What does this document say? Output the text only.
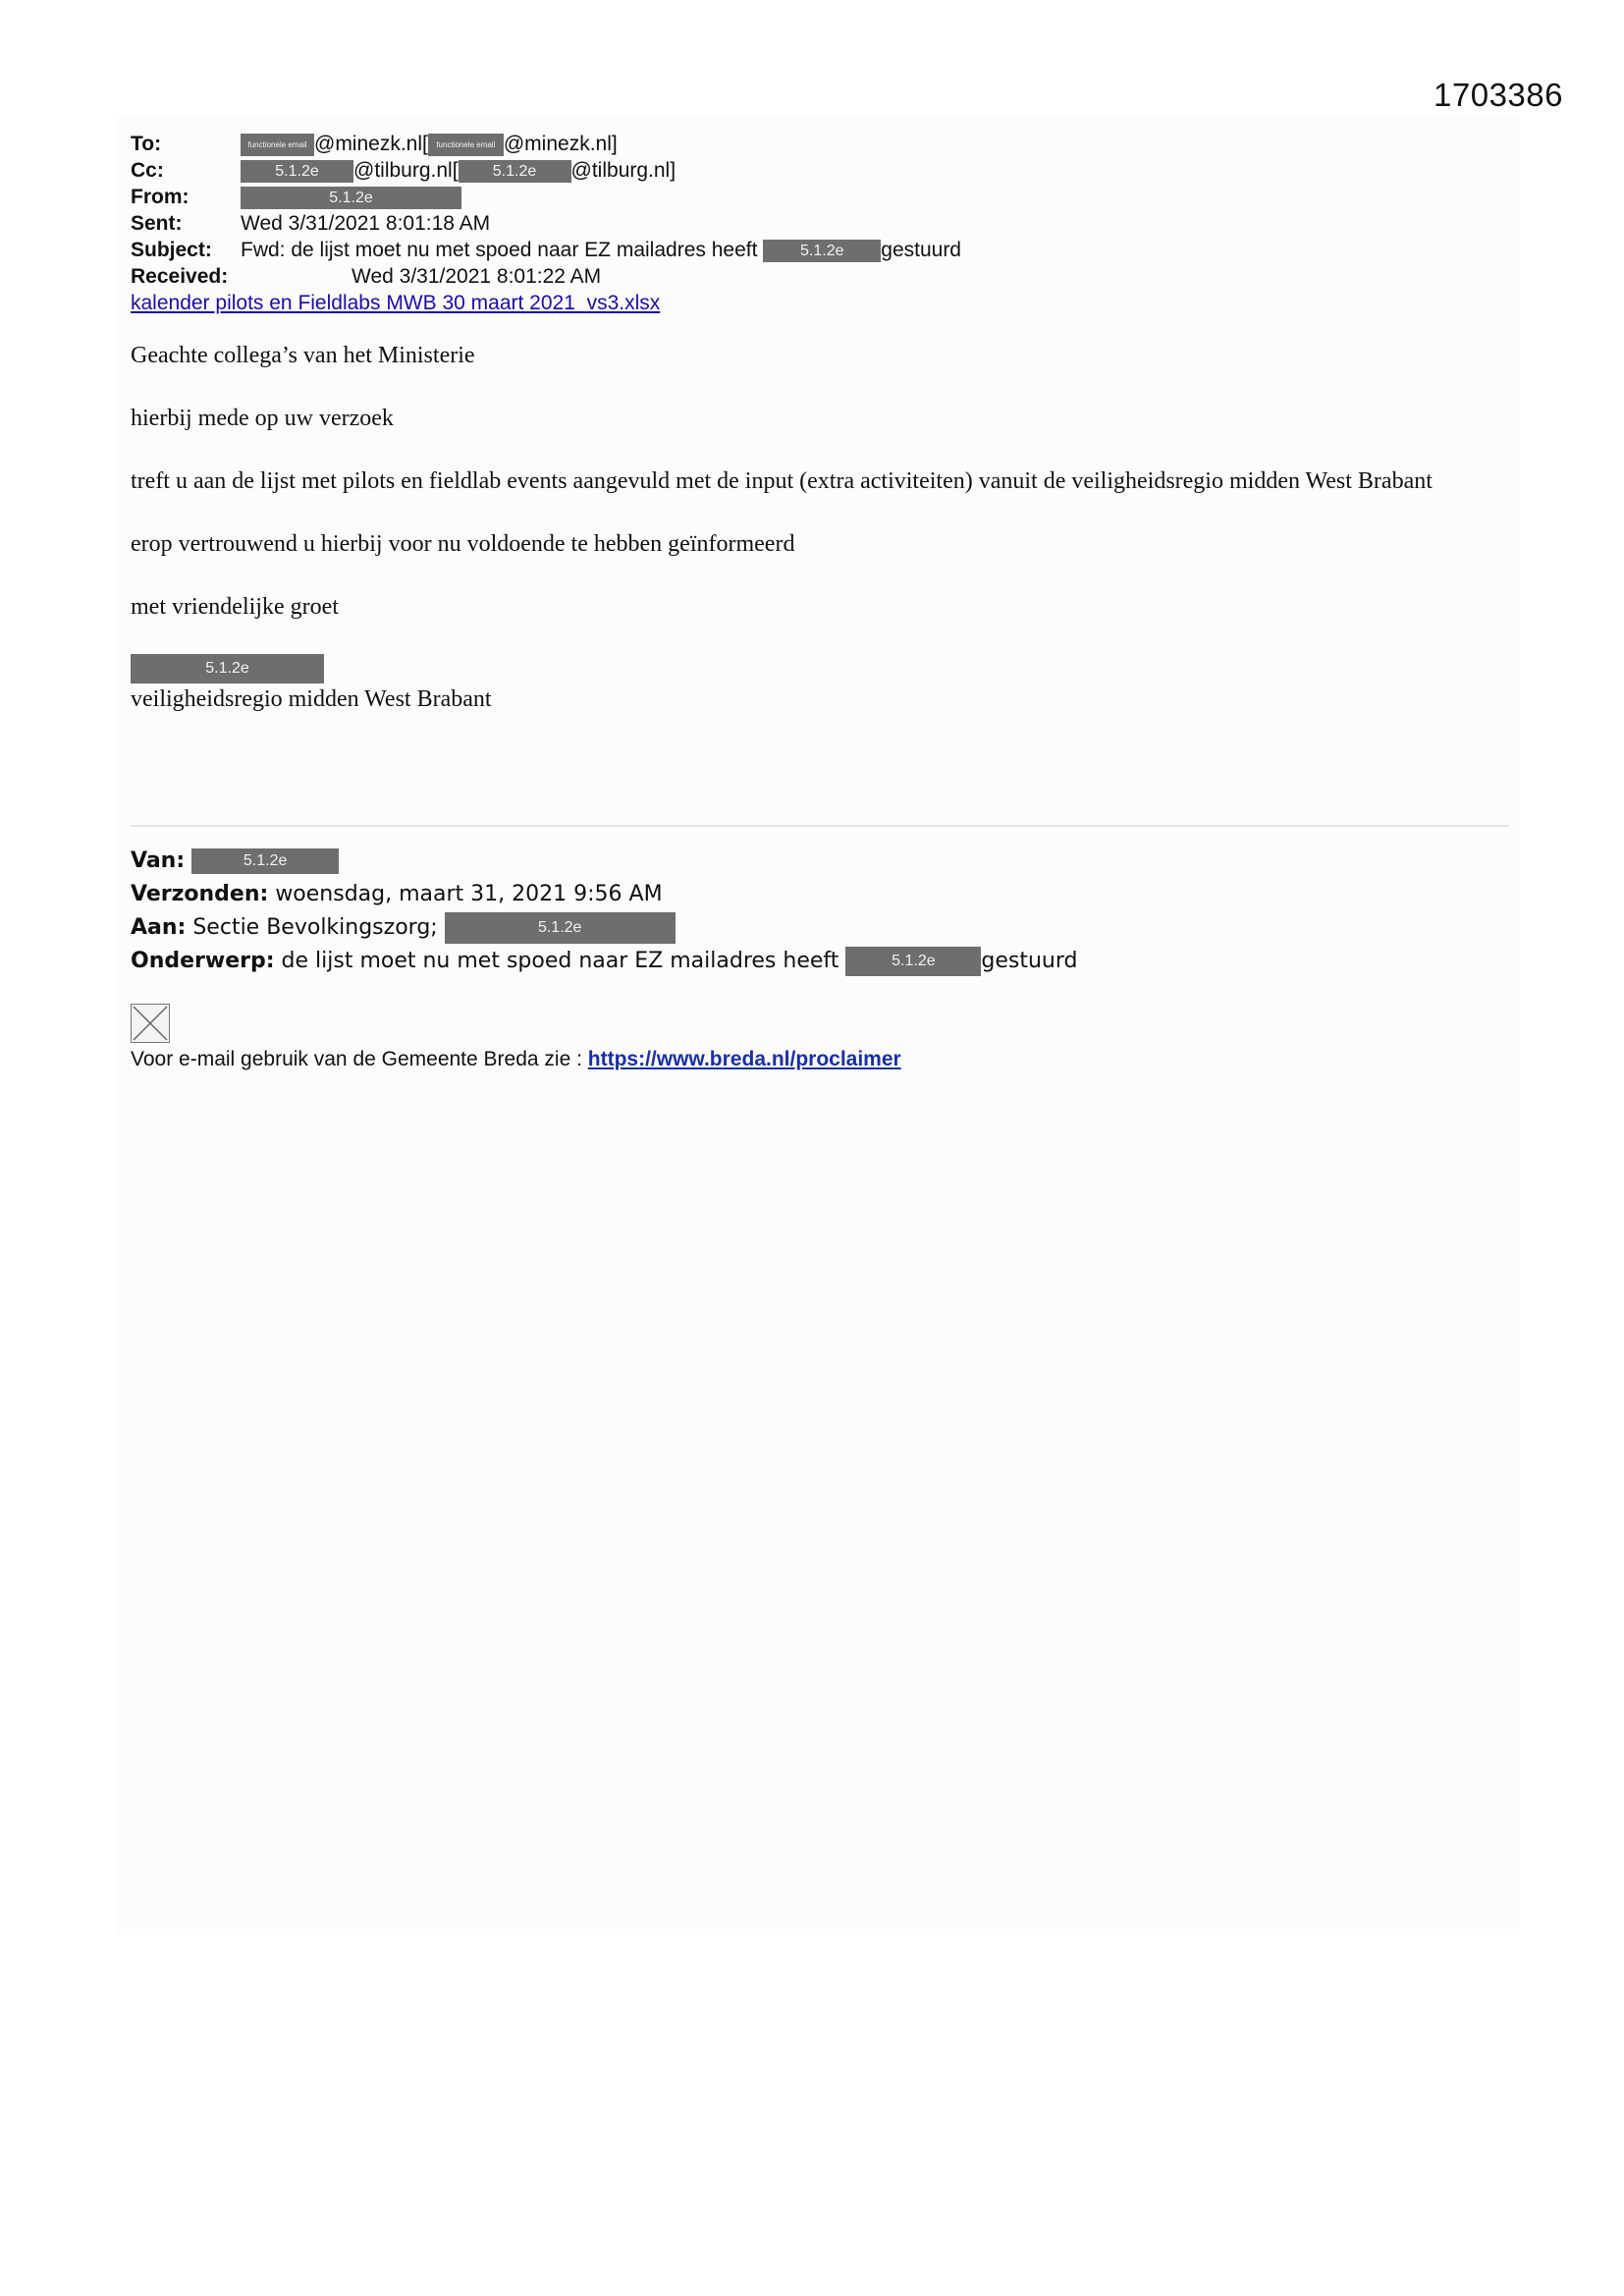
1703386
To:	functionele email @minezk.nl[ functionele email @minezk.nl]
Cc:	5.1.2e @tilburg.nl[ 5.1.2e @tilburg.nl]
From:	5.1.2e
Sent:	Wed 3/31/2021 8:01:18 AM
Subject: Fwd: de lijst moet nu met spoed naar EZ mailadres heeft	5.1.2e gestuurd
Received:	Wed 3/31/2021 8:01:22 AM
kalender pilots en Fieldlabs MWB 30 maart 2021_vs3.xlsx

Geachte collega’s van het Ministerie

hierbij mede op uw verzoek

treft u aan de lijst met pilots en fieldlab events aangevuld met de input (extra activiteiten) vanuit de veiligheidsregio midden West Brabant

erop vertrouwend u hierbij voor nu voldoende te hebben geïnformeerd

met vriendelijke groet

5.1.2e
veiligheidsregio midden West Brabant
Van:	5.1.2e
Verzonden: woensdag, maart 31, 2021 9:56 AM
Aan: Sectie Bevolkingszorg;	5.1.2e
Onderwerp: de lijst moet nu met spoed naar EZ mailadres heeft	5.1.2e gestuurd
Voor e-mail gebruik van de Gemeente Breda zie : https://www.breda.nl/proclaimer
